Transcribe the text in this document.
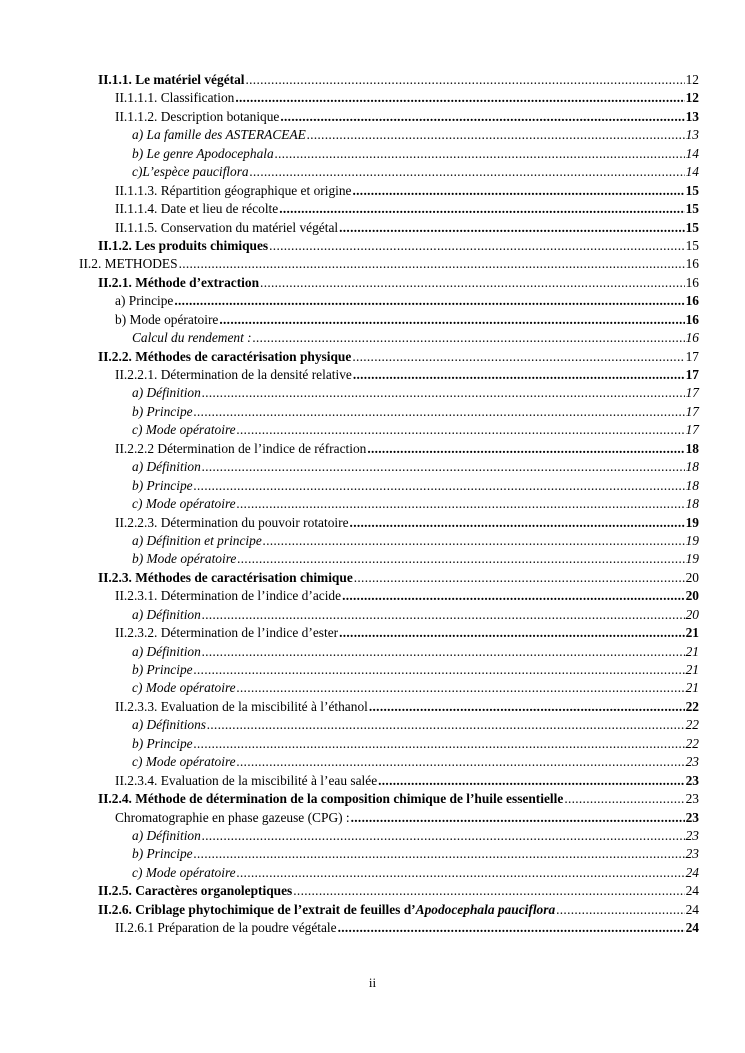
II.1.1. Le matériel végétal .....	12
II.1.1.1. Classification .....	12
II.1.1.2. Description botanique .....	13
a) La famille des ASTERACEAE .....	13
b) Le genre Apodocephala .....	14
c)L’espèce pauciflora .....	14
II.1.1.3. Répartition géographique et origine .....	15
II.1.1.4. Date et lieu de récolte .....	15
II.1.1.5. Conservation du matériel végétal .....	15
II.1.2. Les produits chimiques .....	15
II.2. METHODES .....	16
II.2.1. Méthode d’extraction .....	16
a) Principe .....	16
b) Mode opératoire .....	16
Calcul du rendement : .....	16
II.2.2. Méthodes de caractérisation physique .....	17
II.2.2.1. Détermination de la densité relative .....	17
a) Définition .....	17
b) Principe .....	17
c) Mode opératoire .....	17
II.2.2.2 Détermination de l’indice de réfraction .....	18
a) Définition .....	18
b) Principe .....	18
c) Mode opératoire .....	18
II.2.2.3. Détermination du pouvoir rotatoire .....	19
a) Définition et principe .....	19
b) Mode opératoire .....	19
II.2.3. Méthodes de caractérisation chimique .....	20
II.2.3.1. Détermination de l’indice d’acide .....	20
a) Définition .....	20
II.2.3.2. Détermination de l’indice d’ester .....	21
a) Définition .....	21
b) Principe .....	21
c) Mode opératoire .....	21
II.2.3.3. Evaluation de la miscibilité à l’éthanol .....	22
a) Définitions .....	22
b) Principe .....	22
c) Mode opératoire .....	23
II.2.3.4. Evaluation de la miscibilité à l’eau salée .....	23
II.2.4. Méthode de détermination de la composition chimique de l’huile essentielle .....	23
Chromatographie en phase gazeuse (CPG) : .....	23
a) Définition .....	23
b) Principe .....	23
c) Mode opératoire .....	24
II.2.5. Caractères organoleptiques .....	24
II.2.6. Criblage phytochimique de l’extrait de feuilles d’Apodocephala pauciflora .....	24
II.2.6.1 Préparation de la poudre végétale .....	24
ii
